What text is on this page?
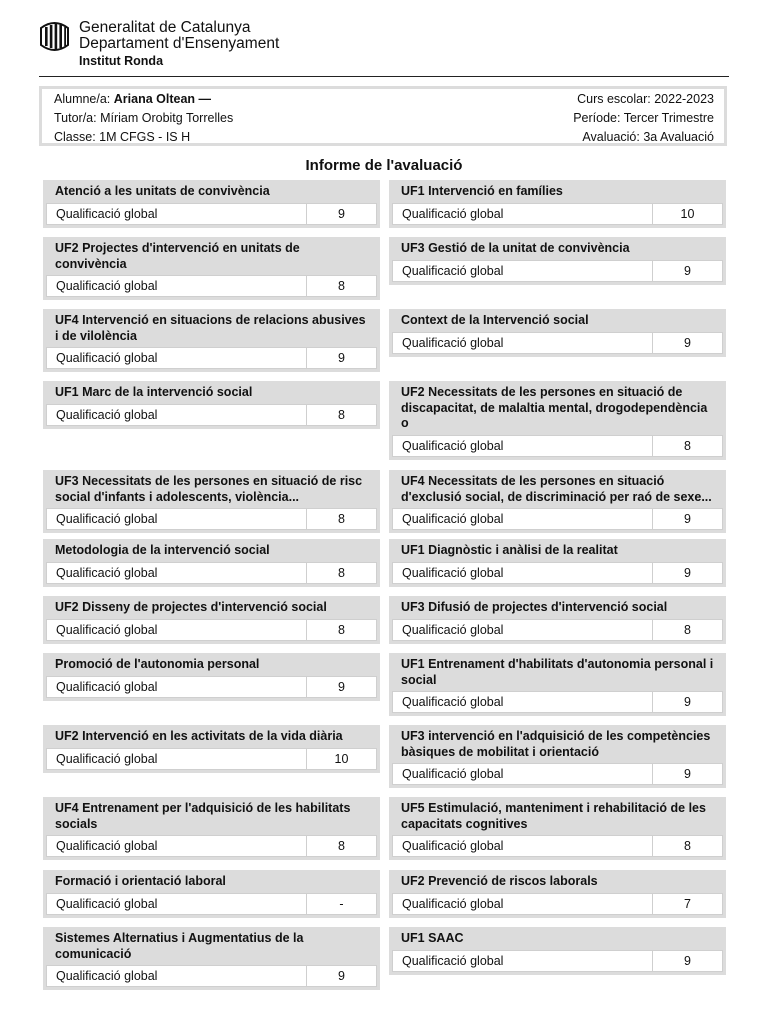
Generalitat de Catalunya
Departament d'Ensenyament
Institut Ronda
Alumne/a: Ariana Oltean —
Tutor/a: Míriam Orobitg Torrelles
Classe: 1M CFGS - IS H
Curs escolar: 2022-2023
Període: Tercer Trimestre
Avaluació: 3a Avaluació
Informe de l'avaluació
Atenció a les unitats de convivència
Qualificació global	9
UF2 Projectes d'intervenció en unitats de convivència
Qualificació global	8
UF4 Intervenció en situacions de relacions abusives i de vilolència
Qualificació global	9
UF1 Marc de la intervenció social
Qualificació global	8
UF3 Necessitats de les persones en situació de risc social d'infants i adolescents, violència...
Qualificació global	8
Metodologia de la intervenció social
Qualificació global	8
UF2 Disseny de projectes d'intervenció social
Qualificació global	8
Promoció de l'autonomia personal
Qualificació global	9
UF2 Intervenció en les activitats de la vida diària
Qualificació global	10
UF4 Entrenament per l'adquisició de les habilitats socials
Qualificació global	8
Formació i orientació laboral
Qualificació global	-
Sistemes Alternatius i Augmentatius de la comunicació
Qualificació global	9
UF1 Intervenció en famílies
Qualificació global	10
UF3 Gestió de la unitat de convivència
Qualificació global	9
Context de la Intervenció social
Qualificació global	9
UF2 Necessitats de les persones en situació de discapacitat, de malaltia mental, drogodependència o
Qualificació global	8
UF4 Necessitats de les persones en situació d'exclusió social, de discriminació per raó de sexe...
Qualificació global	9
UF1 Diagnòstic i anàlisi de la realitat
Qualificació global	9
UF3 Difusió de projectes d'intervenció social
Qualificació global	8
UF1 Entrenament d'habilitats d'autonomia personal i social
Qualificació global	9
UF3 intervenció en l'adquisició de les competències bàsiques de mobilitat i orientació
Qualificació global	9
UF5 Estimulació, manteniment i rehabilitació de les capacitats cognitives
Qualificació global	8
UF2 Prevenció de riscos laborals
Qualificació global	7
UF1 SAAC
Qualificació global	9
